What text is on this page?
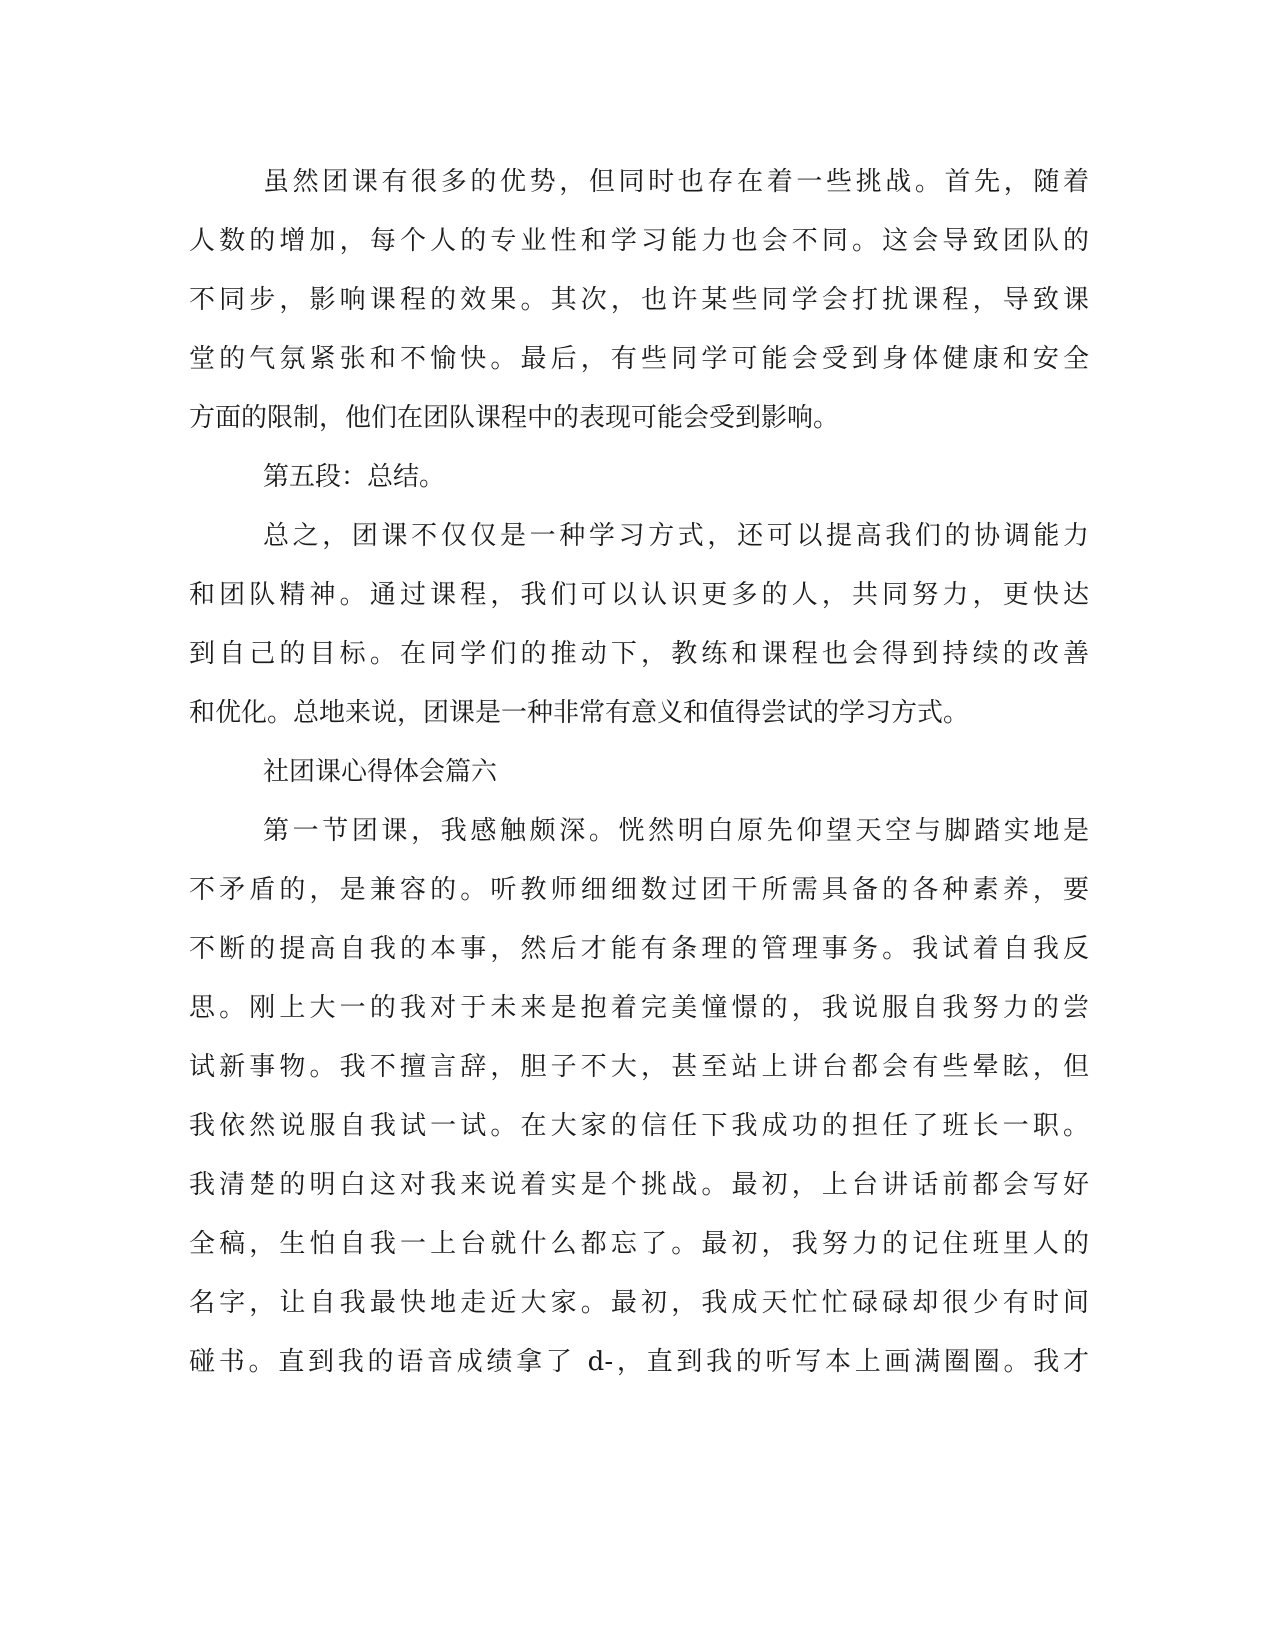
虽然团课有很多的优势，但同时也存在着一些挑战。首先，随着

人数的增加，每个人的专业性和学习能力也会不同。这会导致团队的

不同步，影响课程的效果。其次，也许某些同学会打扰课程，导致课

堂的气氛紧张和不愉快。最后，有些同学可能会受到身体健康和安全

方面的限制，他们在团队课程中的表现可能会受到影响。

第五段：总结。

总之，团课不仅仅是一种学习方式，还可以提高我们的协调能力

和团队精神。通过课程，我们可以认识更多的人，共同努力，更快达

到自己的目标。在同学们的推动下，教练和课程也会得到持续的改善

和优化。总地来说，团课是一种非常有意义和值得尝试的学习方式。

社团课心得体会篇六

第一节团课，我感触颇深。恍然明白原先仰望天空与脚踏实地是

不矛盾的，是兼容的。听教师细细数过团干所需具备的各种素养，要

不断的提高自我的本事，然后才能有条理的管理事务。我试着自我反

思。刚上大一的我对于未来是抱着完美憧憬的，我说服自我努力的尝

试新事物。我不擅言辞，胆子不大，甚至站上讲台都会有些晕眩，但

我依然说服自我试一试。在大家的信任下我成功的担任了班长一职。

我清楚的明白这对我来说着实是个挑战。最初，上台讲话前都会写好

全稿，生怕自我一上台就什么都忘了。最初，我努力的记住班里人的

名字，让自我最快地走近大家。最初，我成天忙忙碌碌却很少有时间

碰书。直到我的语音成绩拿了 d-，直到我的听写本上画满圈圈。我才
